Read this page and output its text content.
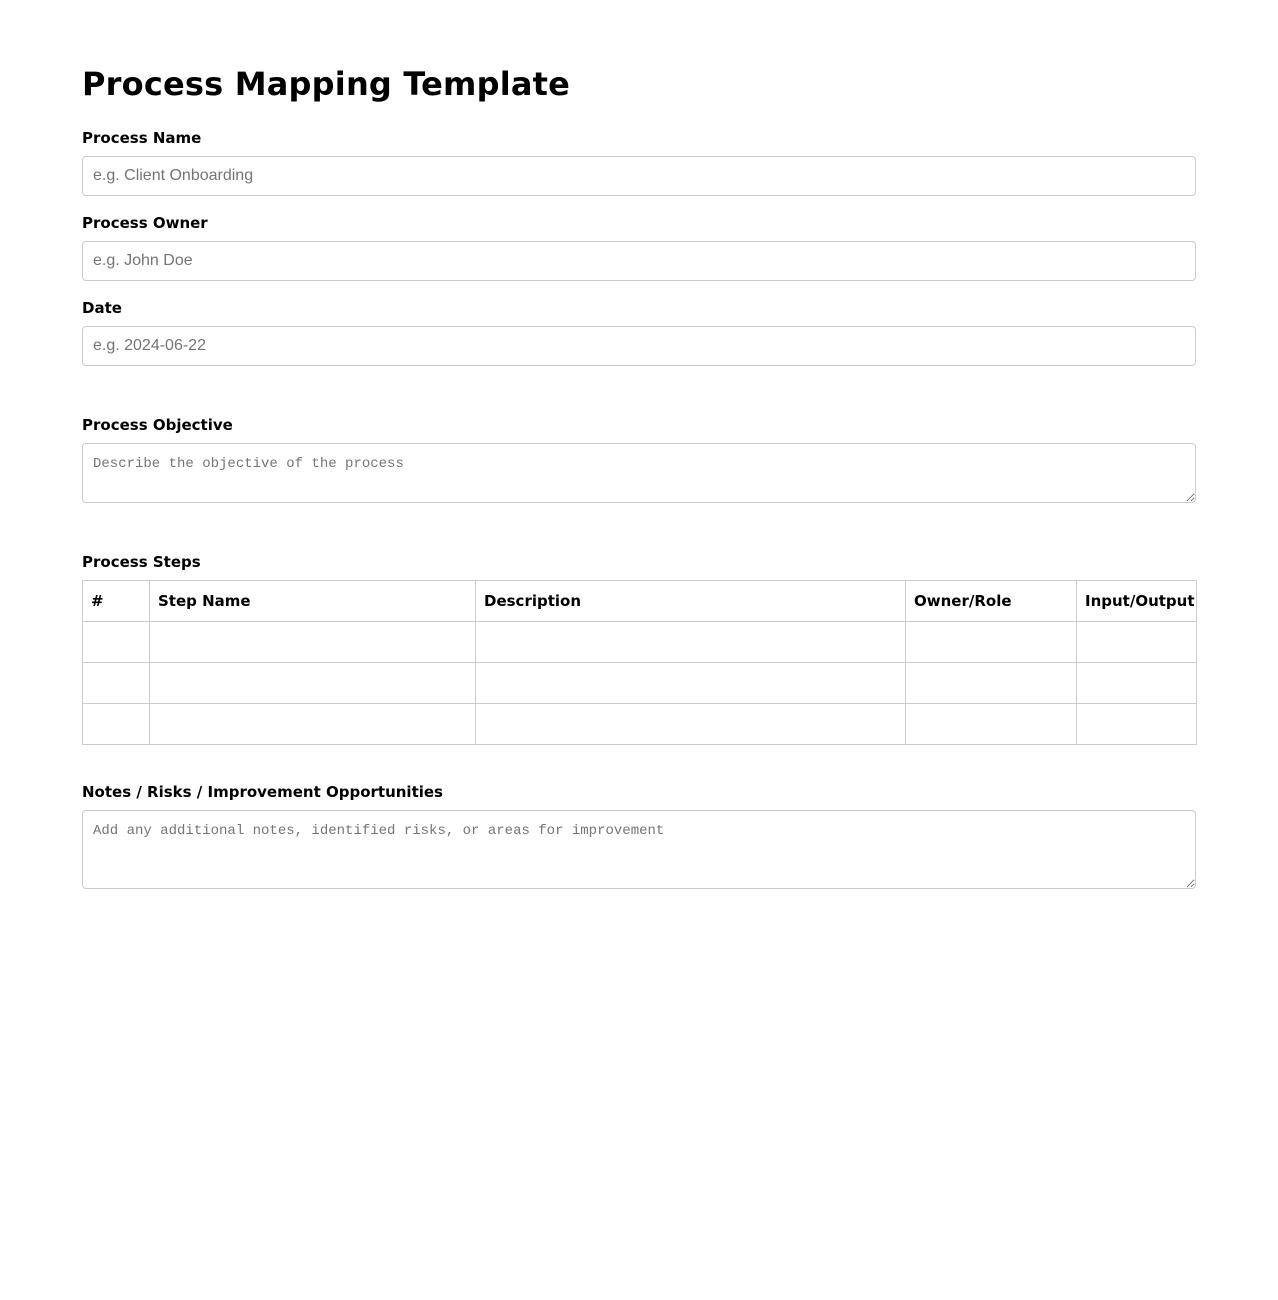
Process Mapping Template
Process Name
e.g. Client Onboarding
Process Owner
e.g. John Doe
Date
e.g. 2024-06-22
Process Objective
Describe the objective of the process
Process Steps
#	Step Name	Description	Owner/Role	Input/Output

Notes / Risks / Improvement Opportunities
Add any additional notes, identified risks, or areas for improvement
